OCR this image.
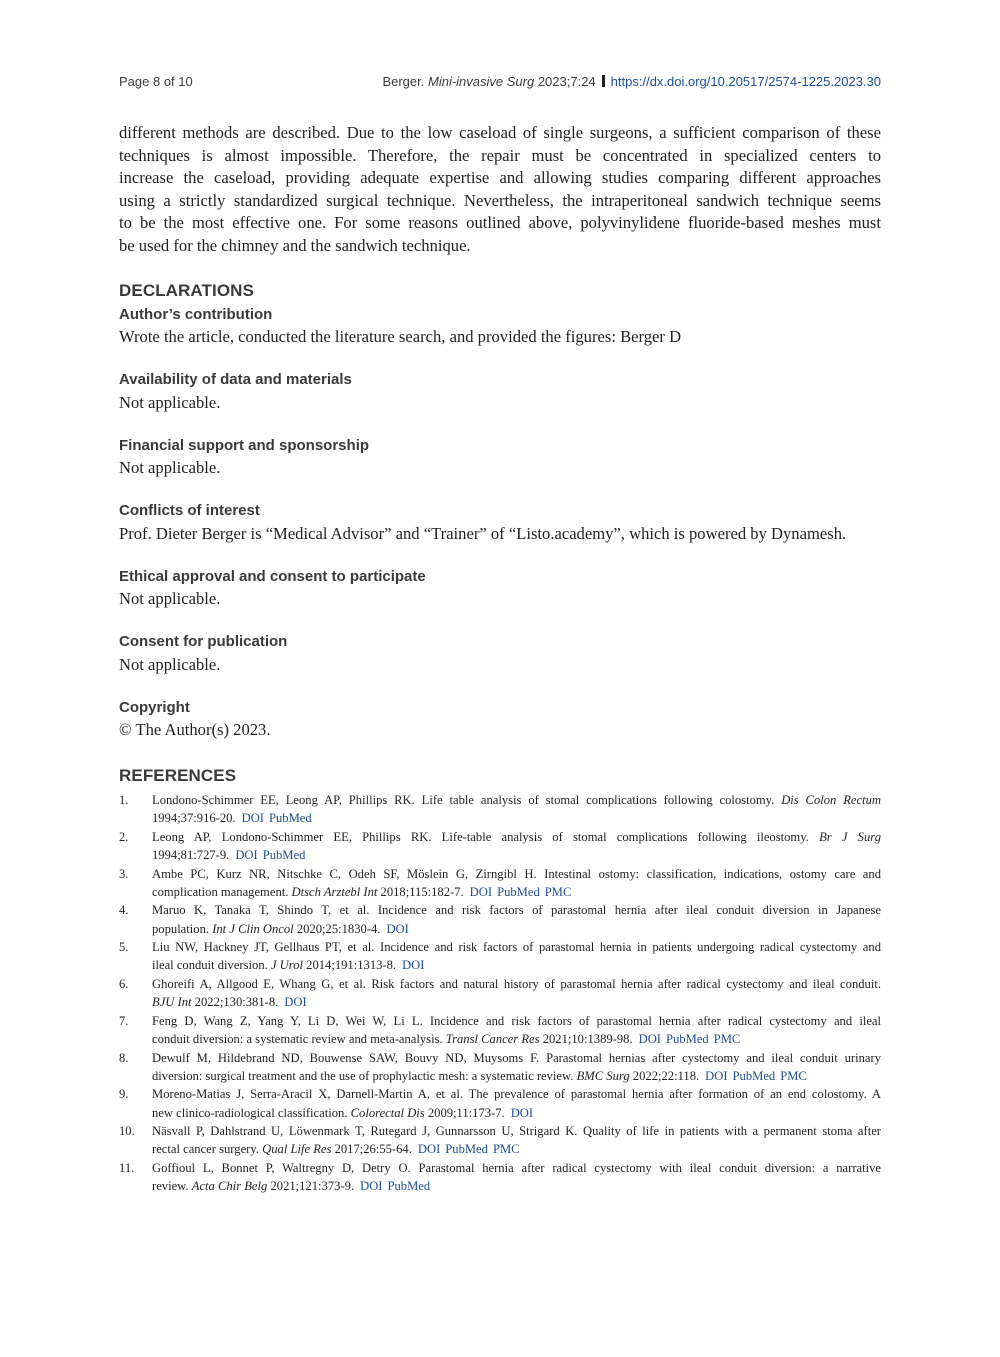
Page 8 of 10	Berger. Mini-invasive Surg 2023;7:24 https://dx.doi.org/10.20517/2574-1225.2023.30
different methods are described. Due to the low caseload of single surgeons, a sufficient comparison of these
techniques is almost impossible. Therefore, the repair must be concentrated in specialized centers to
increase the caseload, providing adequate expertise and allowing studies comparing different approaches
using a strictly standardized surgical technique. Nevertheless, the intraperitoneal sandwich technique seems
to be the most effective one. For some reasons outlined above, polyvinylidene fluoride-based meshes must
be used for the chimney and the sandwich technique.
DECLARATIONS
Author’s contribution
Wrote the article, conducted the literature search, and provided the figures: Berger D
Availability of data and materials
Not applicable.
Financial support and sponsorship
Not applicable.
Conflicts of interest
Prof. Dieter Berger is “Medical Advisor” and “Trainer” of “Listo.academy”, which is powered by Dynamesh.
Ethical approval and consent to participate
Not applicable.
Consent for publication
Not applicable.
Copyright
© The Author(s) 2023.
REFERENCES
1. Londono-Schimmer EE, Leong AP, Phillips RK. Life table analysis of stomal complications following colostomy. Dis Colon Rectum
1994;37:916-20. DOI PubMed
2. Leong AP, Londono-Schimmer EE, Phillips RK. Life-table analysis of stomal complications following ileostomy. Br J Surg
1994;81:727-9. DOI PubMed
3. Ambe PC, Kurz NR, Nitschke C, Odeh SF, Möslein G, Zirngibl H. Intestinal ostomy: classification, indications, ostomy care and
complication management. Dtsch Arztebl Int 2018;115:182-7. DOI PubMed PMC
4. Maruo K, Tanaka T, Shindo T, et al. Incidence and risk factors of parastomal hernia after ileal conduit diversion in Japanese
population. Int J Clin Oncol 2020;25:1830-4. DOI
5. Liu NW, Hackney JT, Gellhaus PT, et al. Incidence and risk factors of parastomal hernia in patients undergoing radical cystectomy and
ileal conduit diversion. J Urol 2014;191:1313-8. DOI
6. Ghoreifi A, Allgood E, Whang G, et al. Risk factors and natural history of parastomal hernia after radical cystectomy and ileal conduit.
BJU Int 2022;130:381-8. DOI
7. Feng D, Wang Z, Yang Y, Li D, Wei W, Li L. Incidence and risk factors of parastomal hernia after radical cystectomy and ileal
conduit diversion: a systematic review and meta-analysis. Transl Cancer Res 2021;10:1389-98. DOI PubMed PMC
8. Dewulf M, Hildebrand ND, Bouwense SAW, Bouvy ND, Muysoms F. Parastomal hernias after cystectomy and ileal conduit urinary
diversion: surgical treatment and the use of prophylactic mesh: a systematic review. BMC Surg 2022;22:118. DOI PubMed PMC
9. Moreno-Matias J, Serra-Aracil X, Darnell-Martin A, et al. The prevalence of parastomal hernia after formation of an end colostomy. A
new clinico-radiological classification. Colorectal Dis 2009;11:173-7. DOI
10. Näsvall P, Dahlstrand U, Löwenmark T, Rutegard J, Gunnarsson U, Strigard K. Quality of life in patients with a permanent stoma after
rectal cancer surgery. Qual Life Res 2017;26:55-64. DOI PubMed PMC
11. Goffioul L, Bonnet P, Waltregny D, Detry O. Parastomal hernia after radical cystectomy with ileal conduit diversion: a narrative
review. Acta Chir Belg 2021;121:373-9. DOI PubMed
